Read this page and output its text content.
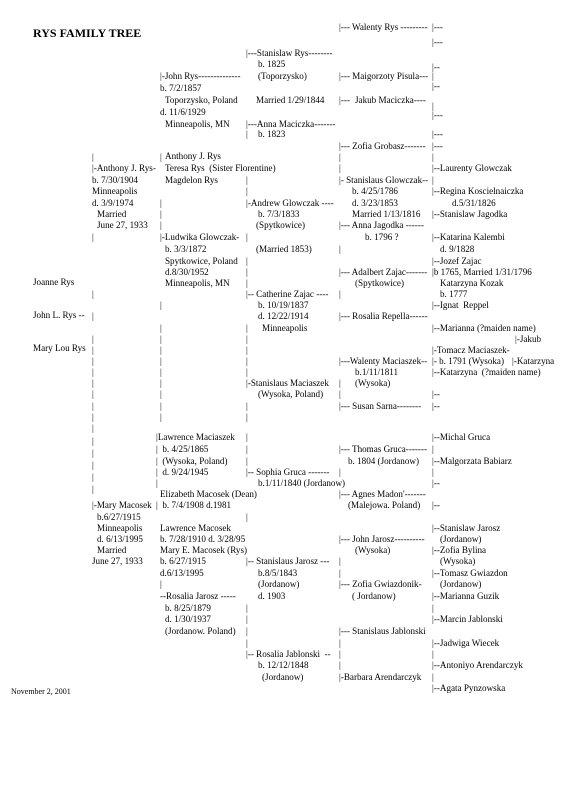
RYS FAMILY TREE	|--- Walenty Rys --------- |---
|---
|---Stanislaw Rys--------
b. 1825	|--
|-John Rys-------------- (Toporzysko)	|--- Maigorzoty Pisula--- |
b. 7/2/1857	|--
Toporzysko, Poland Married 1/29/1844 |--- Jakub Maciczka----
d. 11/6/1929
|
|---
Minneapolis, MN |---Anna Maciczka-------
| b. 1823	|---
|--- Zofia Grobasz-------
|
|---
Anthony J. Rys
|	|
|-Anthony J. Rys- Teresa Rys  (Sister Florentine)	|
|
|--Laurenty Glowczak
b. 7/30/1904	Magdelon Rys	|	|- Stanislaus Glowczak-- |
Minneapolis	|	b. 4/25/1786	|--Regina Koscielnaiczka
d. 3/9/1974	|	|-Andrew Glowczak ---- d. 3/23/1853	d.5/31/1826
Married	|	b. 7/3/1833	Married 1/13/1816 |--Stanislaw Jagodka
June 27, 1933 |	(Spytkowice)	|--- Anna Jagodka ------
|	|-Ludwika Glowczak- |	b. 1796 ?	|--Katarina Kalembi
b. 3/3/1872	(Married 1853)	|	d. 9/1828
Spytkowice, Poland |	|--Jozef Zajac
d.8/30/1952	|	|--- Adalbert Zajac------- |b 1765, Married 1/31/1796
Joanne Rys	Minneapolis, MN |	(Spytkowice)	Katarzyna Kozak
|	|-- Catherine Zajac ---- |	b. 1777
|	b. 10/19/1837	|--Ignat  Reppel
John L. Rys -- |	d. 12/22/1914	|--- Rosalia Repella------
|	| Minneapolis	|--Marianna (?maiden name)
|	|	|	|-Jakub
Mary Lou Rys |	|	|	|-Tomacz Maciaszek-
|	|	|	|---Walenty Maciaszek-- |- b. 1791 (Wysoka) |-Katarzyna
|	|	|	b.1/11/1811	|--Katarzyna  (?maiden name)
|	|	|-Stanislaus Maciaszek | (Wysoka)
|	|	(Wysoka, Poland) |	|--
|	|	|	|--- Susan Sarna-------- |--
|	|	|
|
|Lawrence Maciaszek |	|--Michal Gruca
|
|  b. 4/25/1865	|	|--- Thomas Gruca------- |
|
|  (Wysoka, Poland) |	b. 1804 (Jordanow) |--Malgorzata Babiarz
|
|  d. 9/24/1945	|-- Sophia Gruca ------- |	|
|
b.1/11/1840 (Jordanow)	|--
|
Elizabeth Macosek (Dean)	|--- Agnes Madon'-------
|
|-Mary Macosek |  b. 7/4/1908 d.1981	(Malejowa. Poland) |--
b.6/27/1915	|
Minneapolis Lawrence Macosek	|--Stanislaw Jarosz
d. 6/13/1995 b. 7/28/1910 d. 3/28/95	|--- John Jarosz---------- (Jordanow)
Married	Mary E. Macosek (Rys)	(Wysoka)	|--Zofia Bylina
June 27, 1933 b. 6/27/1915	|-- Stanislaus Jarosz --- |	(Wysoka)
d.6/13/1995	b.8/5/1843	|	|--Tomasz Gwiazdon
|	(Jordanow)	|--- Zofia Gwiazdonik- (Jordanow)
--Rosalia Jarosz ----- d. 1903	( Jordanow)	|--Marianna Guzik
b. 8/25/1879	|	|
d. 1/30/1937	|	|--Marcin Jablonski
(Jordanow. Poland)	|--- Stanislaus Jablonski
|
|	|	|--Jadwiga Wiecek
|
|-- Rosalia Jablonski  --
|
b. 12/12/1848
|
|--Antoniyo Arendarczyk
(Jordanow)	|-Barbara Arendarczyk |
|--Agata Pynzowska
November 2, 2001
